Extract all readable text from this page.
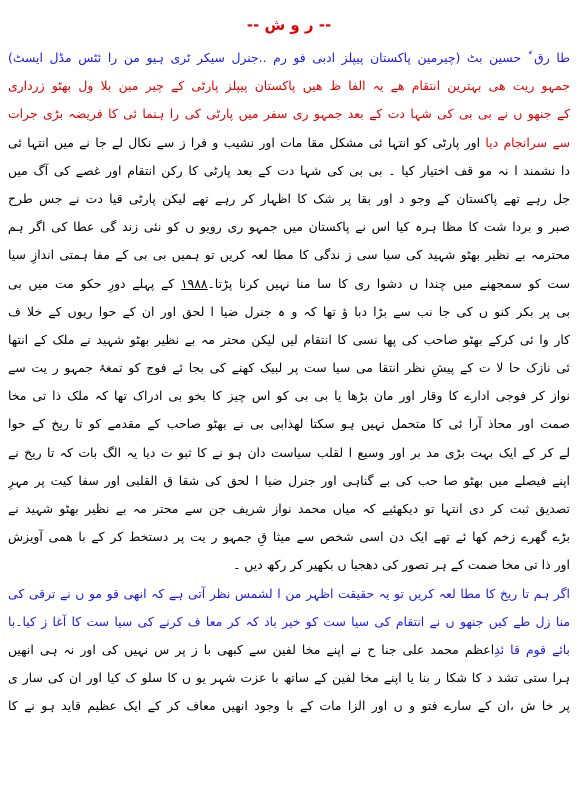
-- ر و ش --
طا رق ٗ حسین بٹ (چیرمین پاکستان پیپلز ادبی فو رم ..جنرل سیکر ٹری ہیو من را ئٹس مڈل ایسٹ)
جمہو ریت ھی بہترین انتقام ھے یہ الفا ظ ھیں پاکستان پیپلز پارٹی کے چیر مین بلا ول بھٹو زرداری
کے جنھو ں نے بی بی کی شہا دت کے بعد جمہو ری سفر میں پارٹی کی را ہنما ئی کا فریضہ بڑی جرات
سے سرانجام دیا اور پارٹی کو انتہا ئی مشکل مقا مات اور نشیب و فرا ز سے نکال لے جا نے میں انتہا ئی
دا نشمند ا نہ مو قف اختیار کیا ۔ بی بی کی شہا دت کے بعد پارٹی کا رکن انتقام اور غصے کی آگ میں
جل رہے تھے پاکستان کے وجو د اور بقا پر شک کا اظہار کر رہے تھے لیکن پارٹی قیا دت نے جس طرح
صبر و بردا شت کا مظا ہرہ کیا اس نے پاکستان میں جمہو ری رویو ں کو نئی زند گی عطا کی اگر ہم
محترمہ بے نظیر بھٹو شہید کی سیا سی ز ندگی کا مطا لعہ کریں تو ہمیں بی بی کے مفا ہمتی اندازِ سیا
ست کو سمجھنے میں چندا ں دشوا ری کا سا منا نہیں کرنا پڑتا۔۱۹۸۸ کے پہلے دورِ حکو مت میں بی
بی پر بکر کنو ں کی جا نب سے بڑا دبا ؤ تھا کہ و ہ جنرل ضیا ا لحق اور ان کے حوا ریوں کے خلا ف
کار وا ئی کرکے بھٹو صاحب کی پھا نسی کا انتقام لیں لیکن محتر مہ بے نظیر بھٹو شہید نے ملک کے انتھا
ئی نازک حا لا ت کے پیشِ نظر انتقا می سیا ست پر لبیک کھنے کی بجا ئے فوج کو تمغۂ جمہو ر یت سے
نواز کر فوجی ادارے کا وقار اور مان بڑھا یا بی بی کو اس چیز کا بخو بی ادراک تھا کہ ملک ذا تی مخا
صمت اور محاذ آرا ئی کا متحمل نہیں ہو سکتا لھذابی بی نے بھٹو صاحب کے مقدمے کو تا ریخ کے حوا
لے کر کے ایک بہت بڑی مد بر اور وسیع ا لقلب سیاست دان ہو نے کا ثبو ت دیا یہ الگ بات کہ تا ریخ نے
اپنے فیصلے میں بھٹو صا حب کی بے گناہی اور جنرل ضیا ا لحق کی شقا ق القلبی اور سفا کیت پر مہرِ
تصدیق ثبت کر دی انتہا تو دیکھئیے کہ میاں محمد نواز شریف جن سے محتر مہ بے نظیر بھٹو شہید نے
بڑے گھرے زخم کھا ئے تھے ایک دن اسی شخص سے میثا قِ جمہو ر یت پر دستخط کر کے با ھمی آویزش
اور ذا تی مخا صمت کے ہر تصور کی دھجیا ں بکھیر کر رکھ دیں ۔
اگر ہم تا ریخ کا مطا لعہ کریں تو یہ حقیقت اظہر من ا لشمس نظر آتی ہے کہ انھی قو مو ں نے ترقی کی
منا زل طے کیں جنھو ں نے انتقام کی سیا ست کو خیر باد کہ کر معا ف کرنے کی سیا ست کا آغا ز کیا۔با
بائے قوم قا ئدِاعظم محمد علی جنا ح نے اپنے مخا لفین سے کبھی با ز پر س نہیں کی اور نہ ہی انھیں
ہرا ستی تشد د کا شکا ر بنا یا اپنے مخا لفین کے ساتھ با عزت شہر یو ں کا سلو ک کیا اور ان کی سار ی
پر خا ش ،ان کے سارے فتو و ں اور الزا مات کے با وجود انھیں معاف کر کے ایک عظیم قاید ہو نے کا
